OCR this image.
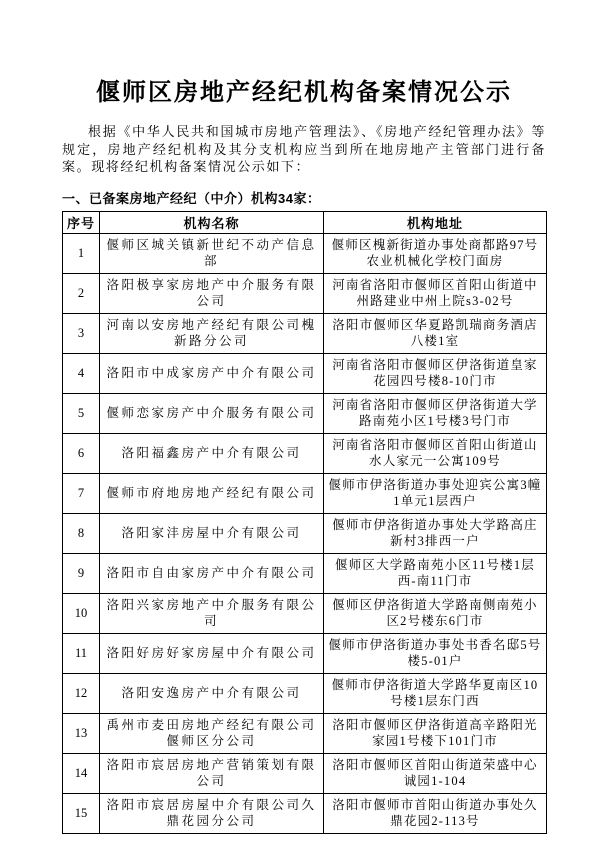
偃师区房地产经纪机构备案情况公示

根据《中华人民共和国城市房地产管理法》、《房地产经纪管理办法》等规定，房地产经纪机构及其分支机构应当到所在地房地产主管部门进行备案。现将经纪机构备案情况公示如下：

一、已备案房地产经纪（中介）机构34家：
序号	机构名称	机构地址
1	偃师区城关镇新世纪不动产信息部	偃师区槐新街道办事处商都路97号农业机械化学校门面房
2	洛阳极享家房地产中介服务有限公司	河南省洛阳市偃师区首阳山街道中州路建业中州上院s3-02号
3	河南以安房地产经纪有限公司槐新路分公司	洛阳市偃师区华夏路凯瑞商务酒店八楼1室
4	洛阳市中成家房产中介有限公司	河南省洛阳市偃师区伊洛街道皇家花园四号楼8-10门市
5	偃师恋家房产中介服务有限公司	河南省洛阳市偃师区伊洛街道大学路南苑小区1号楼3号门市
6	洛阳福鑫房产中介有限公司	河南省洛阳市偃师区首阳山街道山水人家元一公寓109号
7	偃师市府地房地产经纪有限公司	偃师市伊洛街道办事处迎宾公寓3幢1单元1层西户
8	洛阳家沣房屋中介有限公司	偃师市伊洛街道办事处大学路高庄新村3排西一户
9	洛阳市自由家房产中介有限公司	偃师区大学路南苑小区11号楼1层西-南11门市
10	洛阳兴家房地产中介服务有限公司	偃师区伊洛街道大学路南侧南苑小区2号楼东6门市
11	洛阳好房好家房屋中介有限公司	偃师市伊洛街道办事处书香名邸5号楼5-01户
12	洛阳安逸房产中介有限公司	偃师市伊洛街道大学路华夏南区10号楼1层东门西
13	禹州市麦田房地产经纪有限公司偃师区分公司	洛阳市偃师区伊洛街道高辛路阳光家园1号楼下101门市
14	洛阳市宸居房地产营销策划有限公司	洛阳市偃师区首阳山街道荣盛中心诚园1-104
15	洛阳市宸居房屋中介有限公司久鼎花园分公司	洛阳市偃师市首阳山街道办事处久鼎花园2-113号
